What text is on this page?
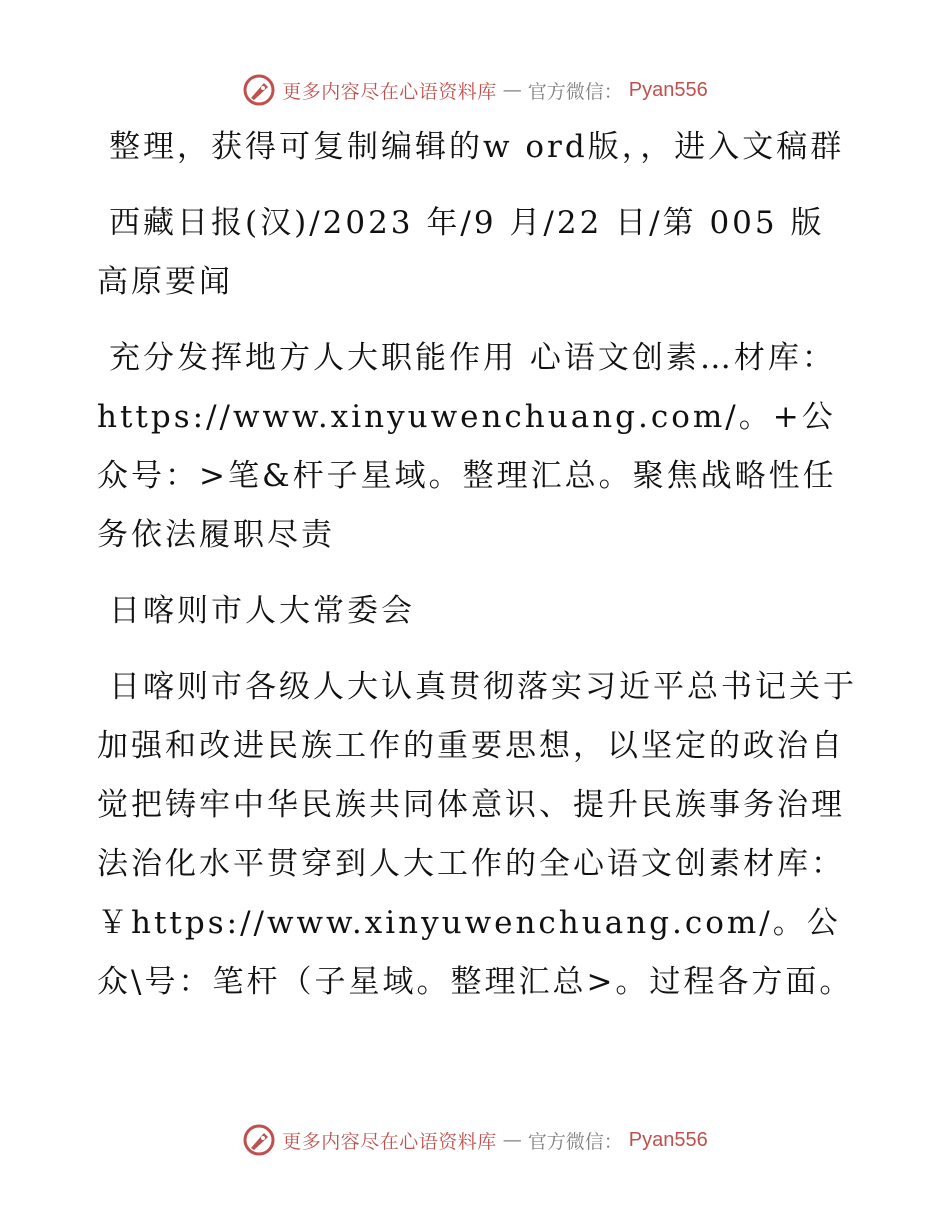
更多内容尽在心语资料库 — 官方微信： Pyan556

整理，获得可复制编辑的w ord版，，进入文稿群

西藏日报(汉)/2023 年/9 月/22 日/第 005 版高原要闻

充分发挥地方人大职能作用 心语文创素…材库：https://www.xinyuwenchuang.com/。+公众号：>笔&杆子星域。整理汇总。聚焦战略性任务依法履职尽责

日喀则市人大常委会

日喀则市各级人大认真贯彻落实习近平总书记关于加强和改进民族工作的重要思想，以坚定的政治自觉把铸牢中华民族共同体意识、提升民族事务治理法治化水平贯穿到人大工作的全心语文创素材库：￥https://www.xinyuwenchuang.com/。公众\号：笔杆（子星域。整理汇总>。过程各方面。

更多内容尽在心语资料库 — 官方微信： Pyan556
